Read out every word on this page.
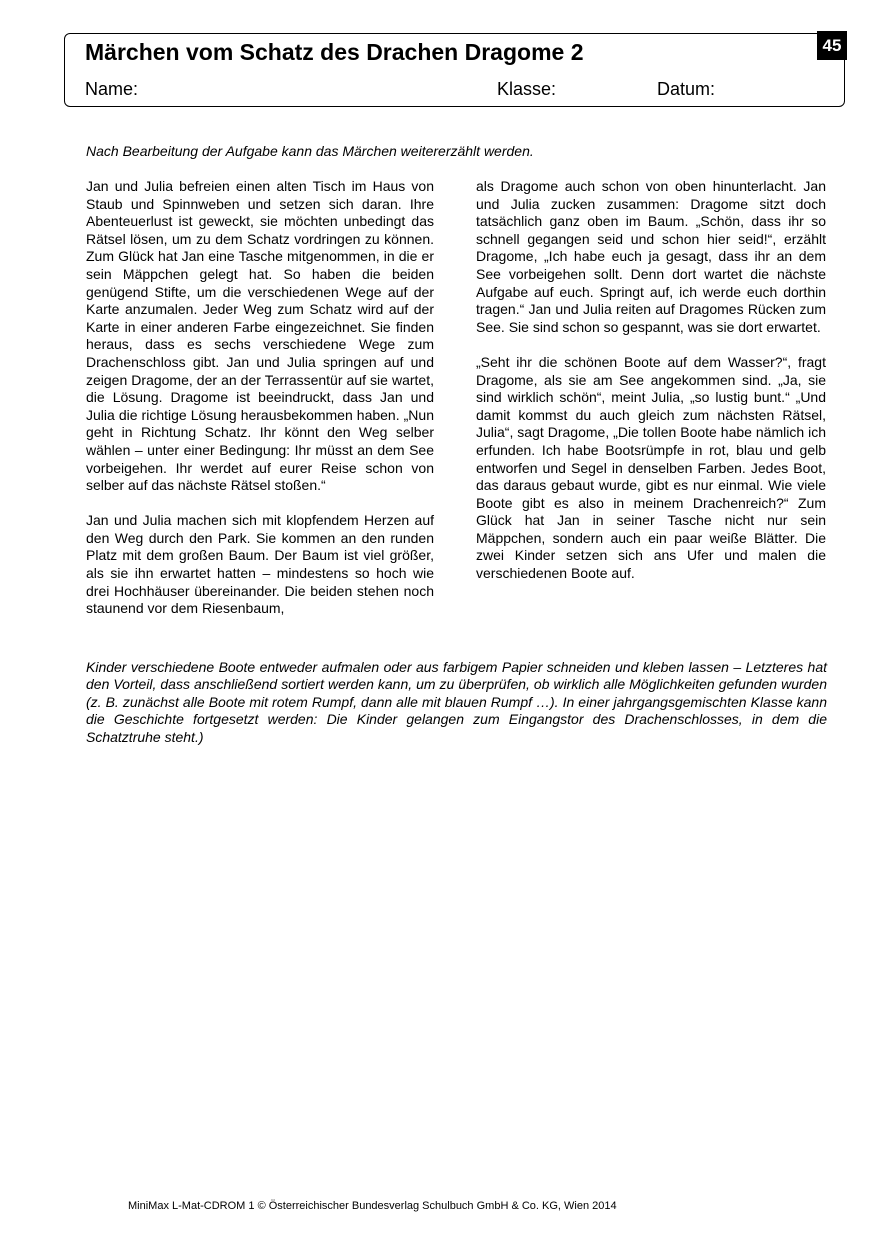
Märchen vom Schatz des Drachen Dragome 2
Name:	Klasse:	Datum:
45

Nach Bearbeitung der Aufgabe kann das Märchen weitererzählt werden.

Jan und Julia befreien einen alten Tisch im Haus von Staub und Spinnweben und setzen sich daran. Ihre Abenteuerlust ist geweckt, sie möchten unbedingt das Rätsel lösen, um zu dem Schatz vordringen zu können. Zum Glück hat Jan eine Tasche mitgenommen, in die er sein Mäppchen gelegt hat. So haben die beiden genügend Stifte, um die verschiedenen Wege auf der Karte anzumalen. Jeder Weg zum Schatz wird auf der Karte in einer anderen Farbe eingezeichnet. Sie finden heraus, dass es sechs verschiedene Wege zum Drachenschloss gibt. Jan und Julia springen auf und zeigen Dragome, der an der Terrassentür auf sie wartet, die Lösung. Dragome ist beeindruckt, dass Jan und Julia die richtige Lösung herausbekommen haben. „Nun geht in Richtung Schatz. Ihr könnt den Weg selber wählen – unter einer Bedingung: Ihr müsst an dem See vorbeigehen. Ihr werdet auf eurer Reise schon von selber auf das nächste Rätsel stoßen.“

Jan und Julia machen sich mit klopfendem Herzen auf den Weg durch den Park. Sie kommen an den runden Platz mit dem großen Baum. Der Baum ist viel größer, als sie ihn erwartet hatten – mindestens so hoch wie drei Hochhäuser übereinander. Die beiden stehen noch staunend vor dem Riesenbaum,

als Dragome auch schon von oben hinunterlacht. Jan und Julia zucken zusammen: Dragome sitzt doch tatsächlich ganz oben im Baum. „Schön, dass ihr so schnell gegangen seid und schon hier seid!“, erzählt Dragome, „Ich habe euch ja gesagt, dass ihr an dem See vorbeigehen sollt. Denn dort wartet die nächste Aufgabe auf euch. Springt auf, ich werde euch dorthin tragen.“ Jan und Julia reiten auf Dragomes Rücken zum See. Sie sind schon so gespannt, was sie dort erwartet.

„Seht ihr die schönen Boote auf dem Wasser?“, fragt Dragome, als sie am See angekommen sind. „Ja, sie sind wirklich schön“, meint Julia, „so lustig bunt.“ „Und damit kommst du auch gleich zum nächsten Rätsel, Julia“, sagt Dragome, „Die tollen Boote habe nämlich ich erfunden. Ich habe Bootsrümpfe in rot, blau und gelb entworfen und Segel in denselben Farben. Jedes Boot, das daraus gebaut wurde, gibt es nur einmal. Wie viele Boote gibt es also in meinem Drachenreich?“ Zum Glück hat Jan in seiner Tasche nicht nur sein Mäppchen, sondern auch ein paar weiße Blätter. Die zwei Kinder setzen sich ans Ufer und malen die verschiedenen Boote auf.

Kinder verschiedene Boote entweder aufmalen oder aus farbigem Papier schneiden und kleben lassen – Letzteres hat den Vorteil, dass anschließend sortiert werden kann, um zu überprüfen, ob wirklich alle Möglichkeiten gefunden wurden (z. B. zunächst alle Boote mit rotem Rumpf, dann alle mit blauen Rumpf …). In einer jahrgangsgemischten Klasse kann die Geschichte fortgesetzt werden: Die Kinder gelangen zum Eingangstor des Drachenschlosses, in dem die Schatztruhe steht.)

MiniMax L-Mat-CDROM 1 © Österreichischer Bundesverlag Schulbuch GmbH & Co. KG, Wien 2014
